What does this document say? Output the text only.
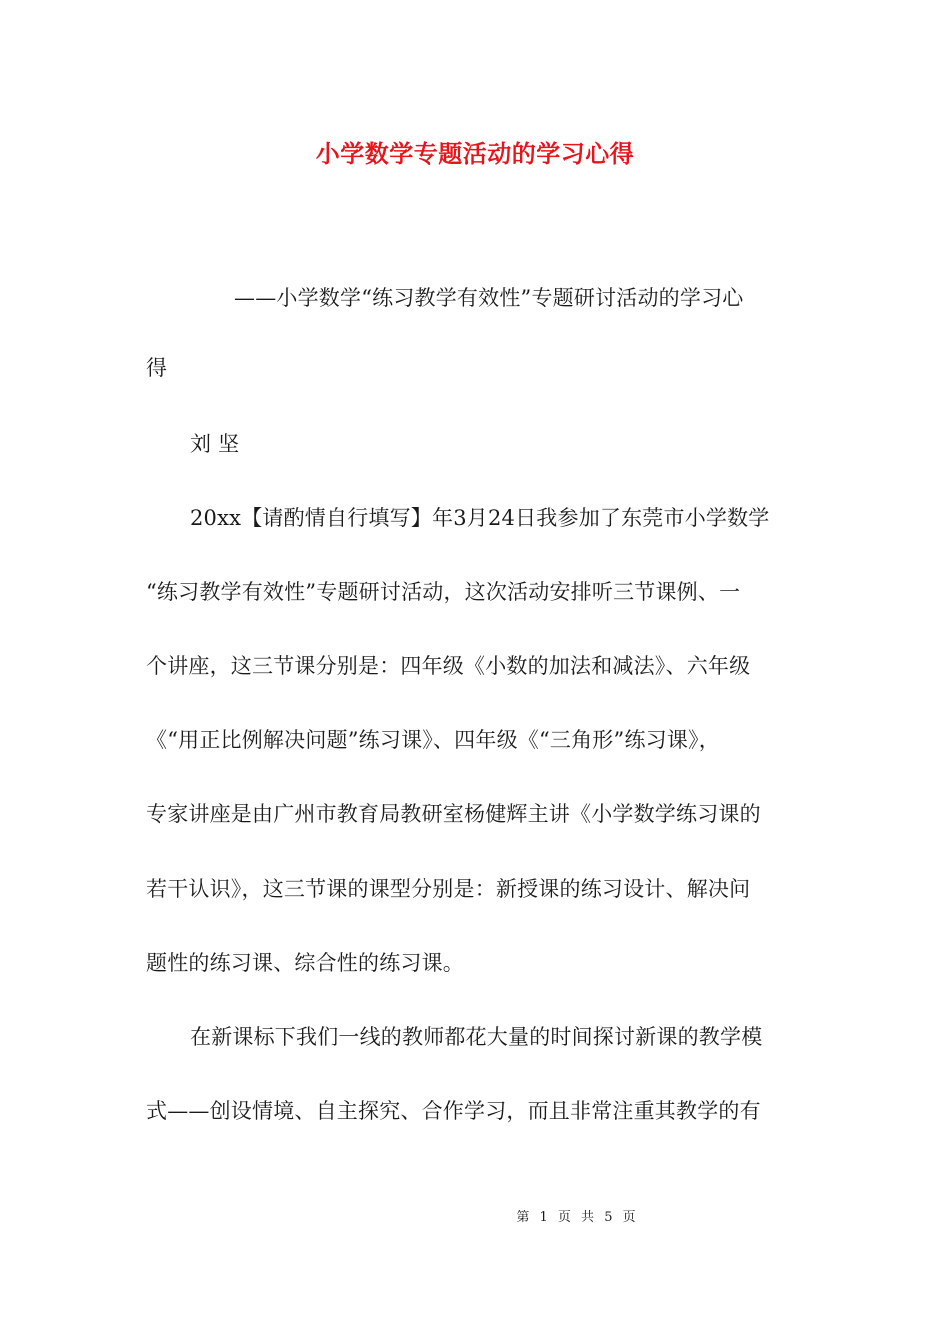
小学数学专题活动的学习心得
——小学数学“练习教学有效性”专题研讨活动的学习心
得
刘 坚
20xx【请酌情自行填写】年3月24日我参加了东莞市小学数学
“练习教学有效性”专题研讨活动，这次活动安排听三节课例、一
个讲座，这三节课分别是：四年级《小数的加法和减法》、六年级
《“用正比例解决问题”练习课》、四年级《“三角形”练习课》，
专家讲座是由广州市教育局教研室杨健辉主讲《小学数学练习课的
若干认识》，这三节课的课型分别是：新授课的练习设计、解决问
题性的练习课、综合性的练习课。
在新课标下我们一线的教师都花大量的时间探讨新课的教学模
式——创设情境、自主探究、合作学习，而且非常注重其教学的有
第 1 页 共 5 页
